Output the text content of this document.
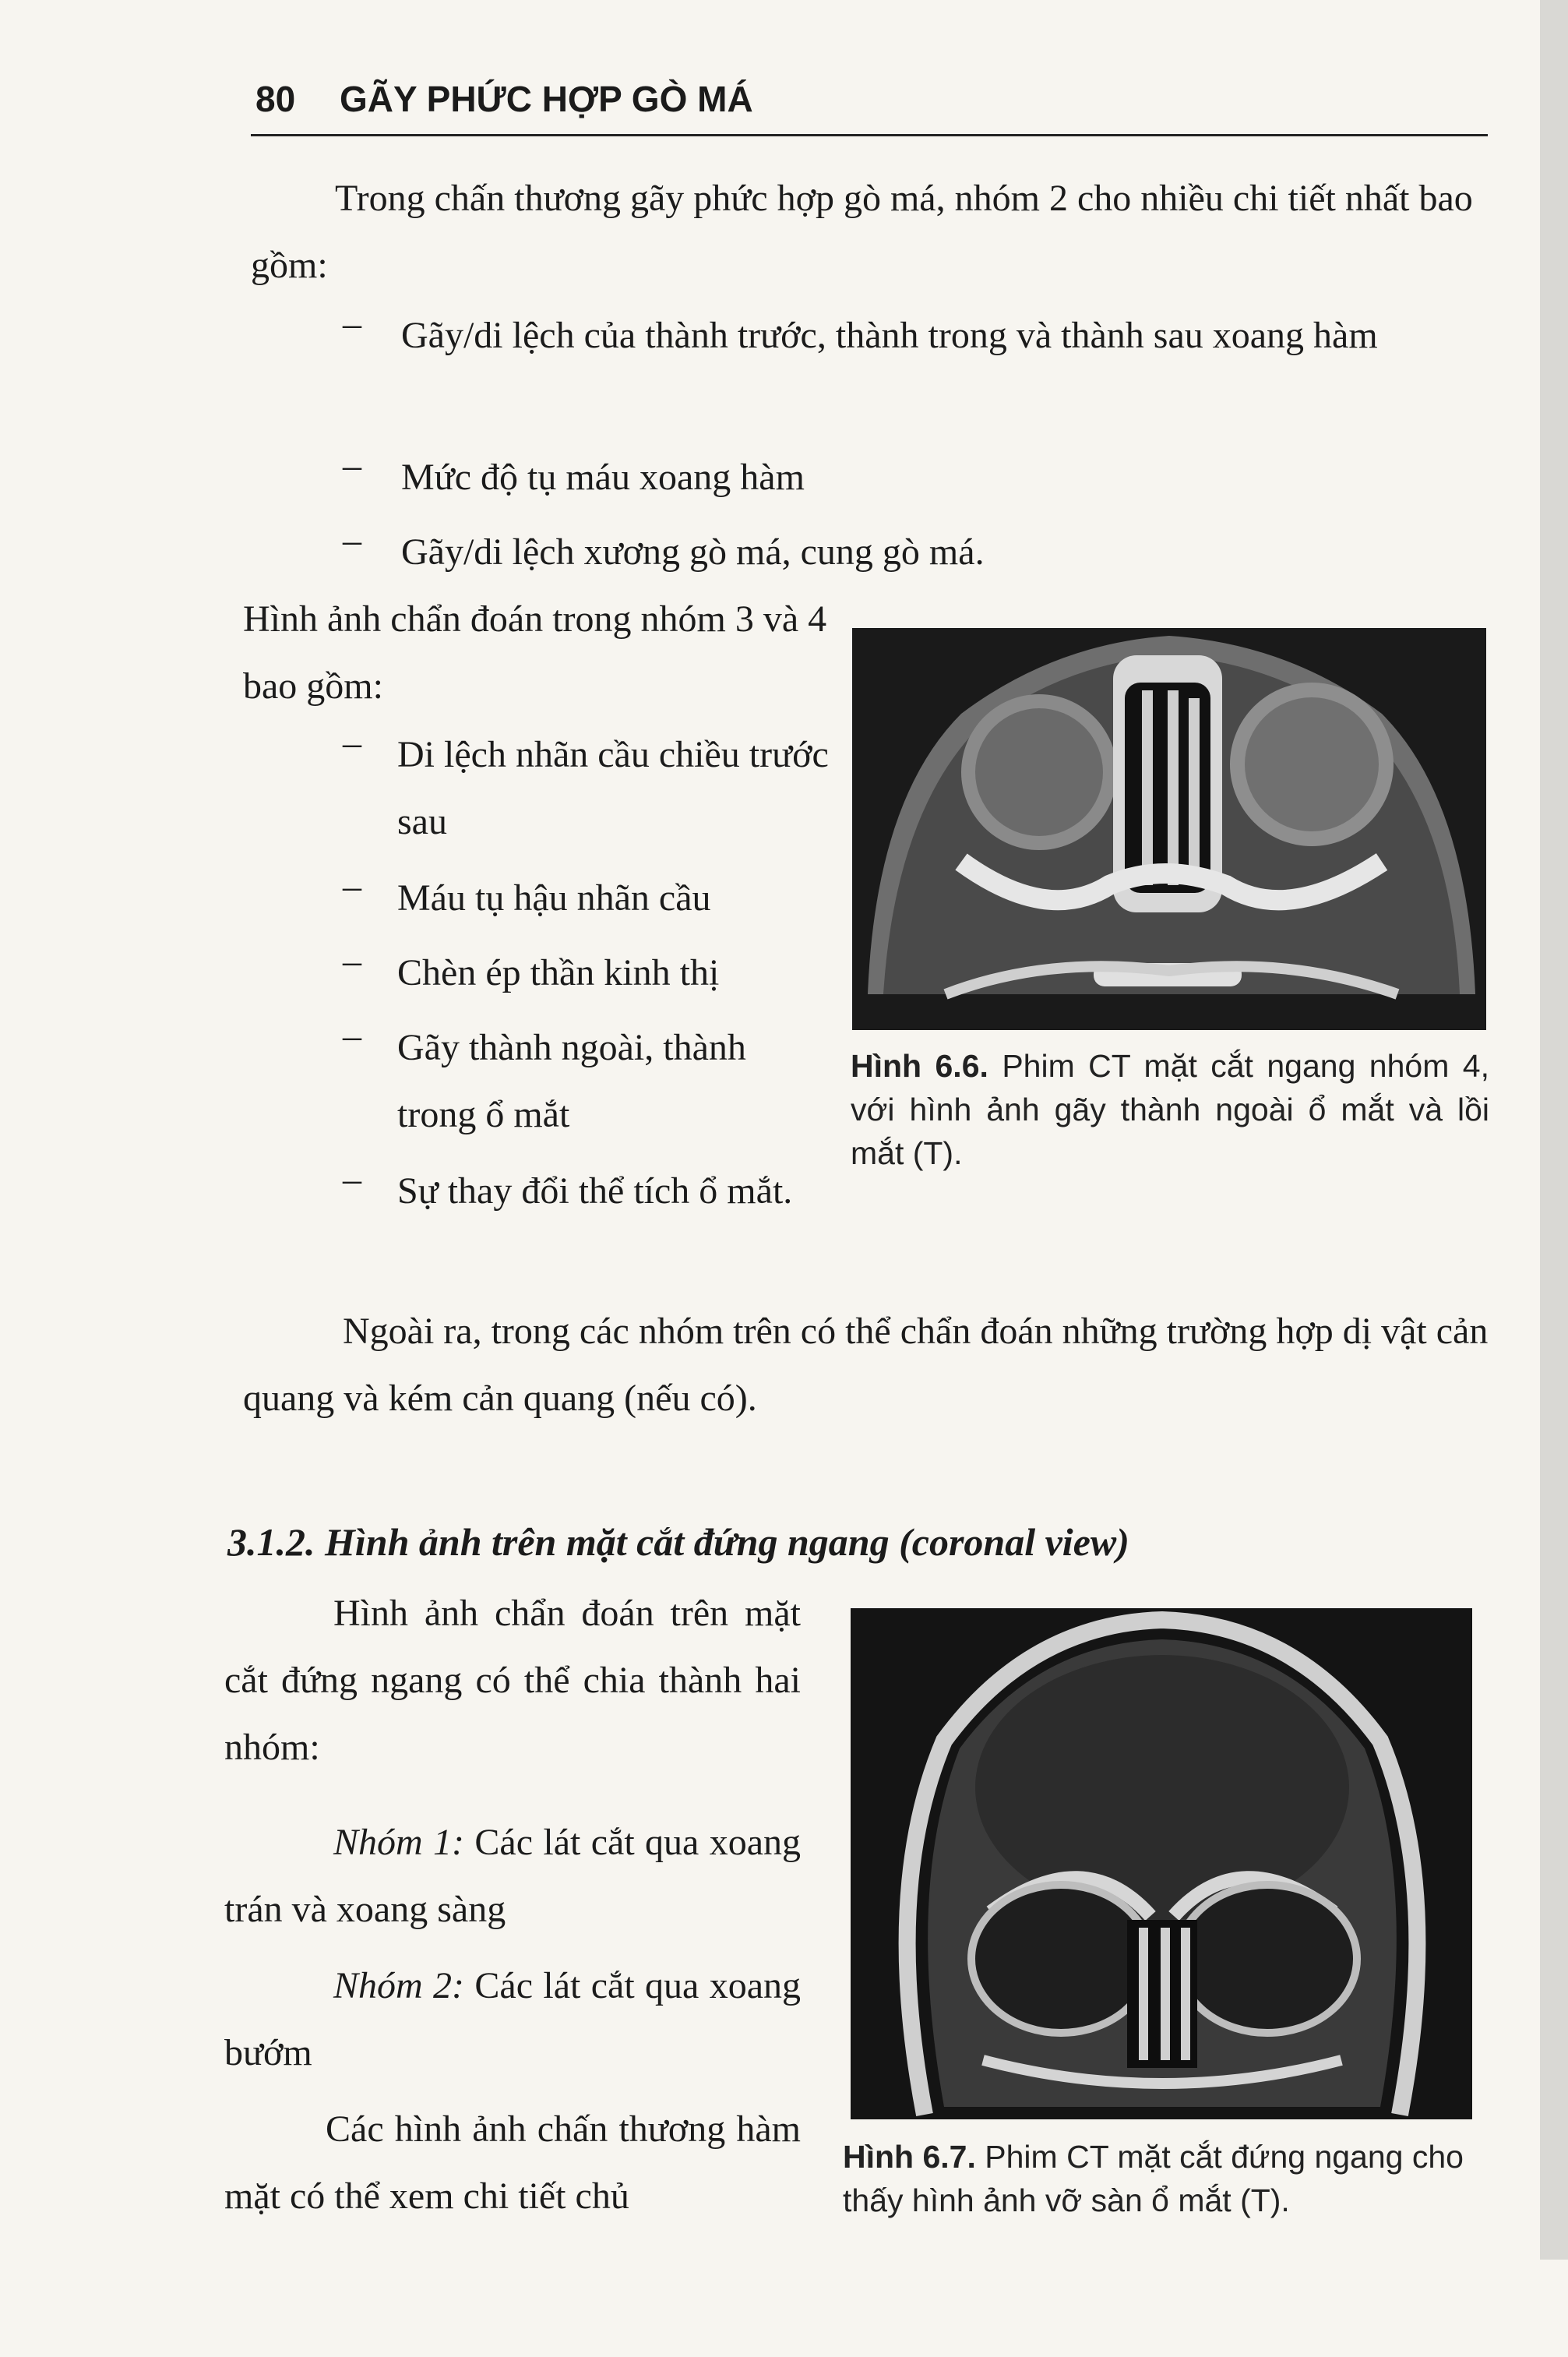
80 GÃY PHỨC HỢP GÒ MÁ
Trong chấn thương gãy phức hợp gò má, nhóm 2 cho nhiều chi tiết nhất bao gồm:
– Gãy/di lệch của thành trước, thành trong và thành sau xoang hàm
– Mức độ tụ máu xoang hàm
– Gãy/di lệch xương gò má, cung gò má.
Hình ảnh chẩn đoán trong nhóm 3 và 4 bao gồm:
– Di lệch nhãn cầu chiều trước sau
– Máu tụ hậu nhãn cầu
– Chèn ép thần kinh thị
– Gãy thành ngoài, thành trong ổ mắt
– Sự thay đổi thể tích ổ mắt.
Hình 6.6. Phim CT mặt cắt ngang nhóm 4, với hình ảnh gãy thành ngoài ổ mắt và lồi mắt (T).
Ngoài ra, trong các nhóm trên có thể chẩn đoán những trường hợp dị vật cản quang và kém cản quang (nếu có).
3.1.2. Hình ảnh trên mặt cắt đứng ngang (coronal view)
Hình ảnh chẩn đoán trên mặt cắt đứng ngang có thể chia thành hai nhóm:
Nhóm 1: Các lát cắt qua xoang trán và xoang sàng
Nhóm 2: Các lát cắt qua xoang bướm
Các hình ảnh chấn thương hàm mặt có thể xem chi tiết chủ
Hình 6.7. Phim CT mặt cắt đứng ngang cho thấy hình ảnh vỡ sàn ổ mắt (T).
